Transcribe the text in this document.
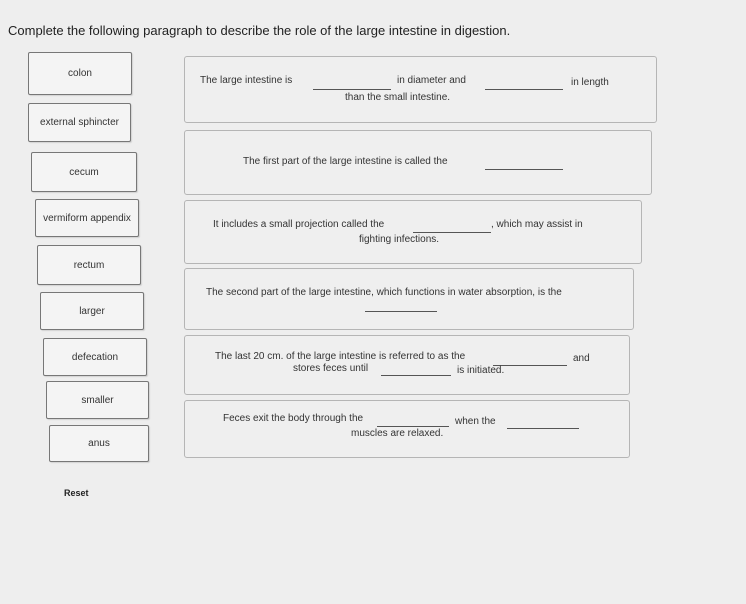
Complete the following paragraph to describe the role of the large intestine in digestion.
colon
external sphincter
cecum
vermiform appendix
rectum
larger
defecation
smaller
anus
The large intestine is	in diameter and	in length
than the small intestine.
The first part of the large intestine is called the
It includes a small projection called the	, which may assist in
fighting infections.
The second part of the large intestine, which functions in water absorption, is the
The last 20 cm. of the large intestine is referred to as the	and
stores feces until	is initiated.
Feces exit the body through the	when the
muscles are relaxed.
Reset
